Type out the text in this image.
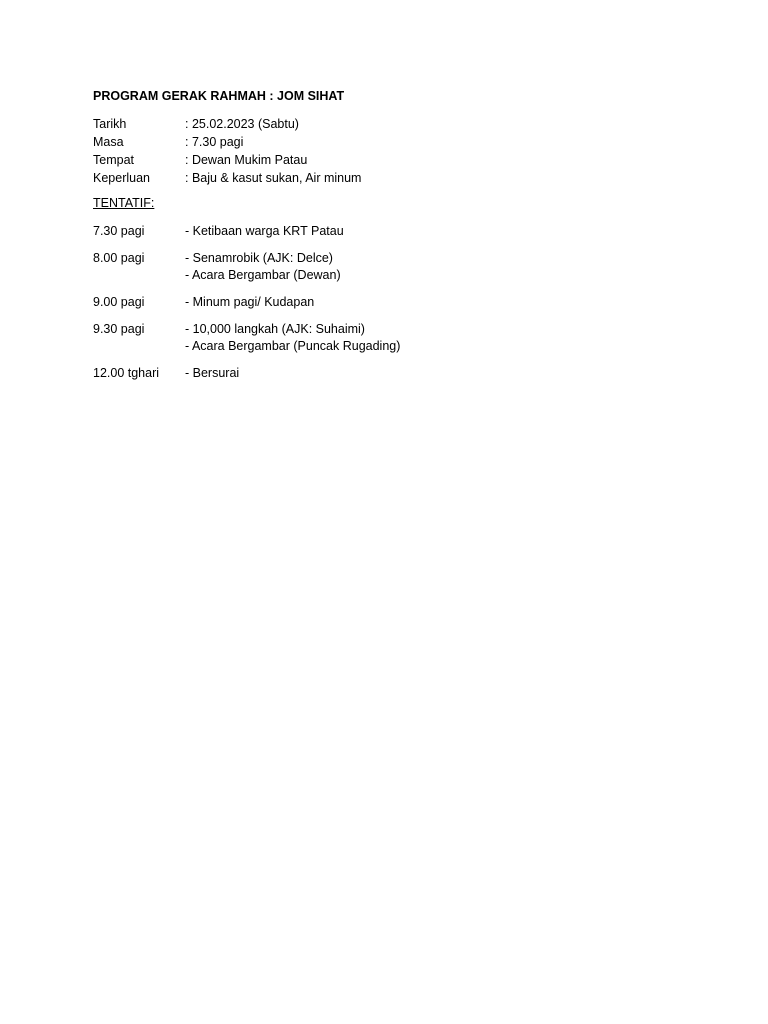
PROGRAM GERAK RAHMAH : JOM SIHAT
Tarikh	: 25.02.2023 (Sabtu)
Masa	: 7.30 pagi
Tempat	: Dewan Mukim Patau
Keperluan	: Baju & kasut sukan, Air minum
TENTATIF:
7.30 pagi	- Ketibaan warga KRT Patau
8.00 pagi	- Senamrobik (AJK: Delce)
- Acara Bergambar (Dewan)
9.00 pagi	- Minum pagi/ Kudapan
9.30 pagi	- 10,000 langkah (AJK: Suhaimi)
- Acara Bergambar (Puncak Rugading)
12.00 tghari	- Bersurai
